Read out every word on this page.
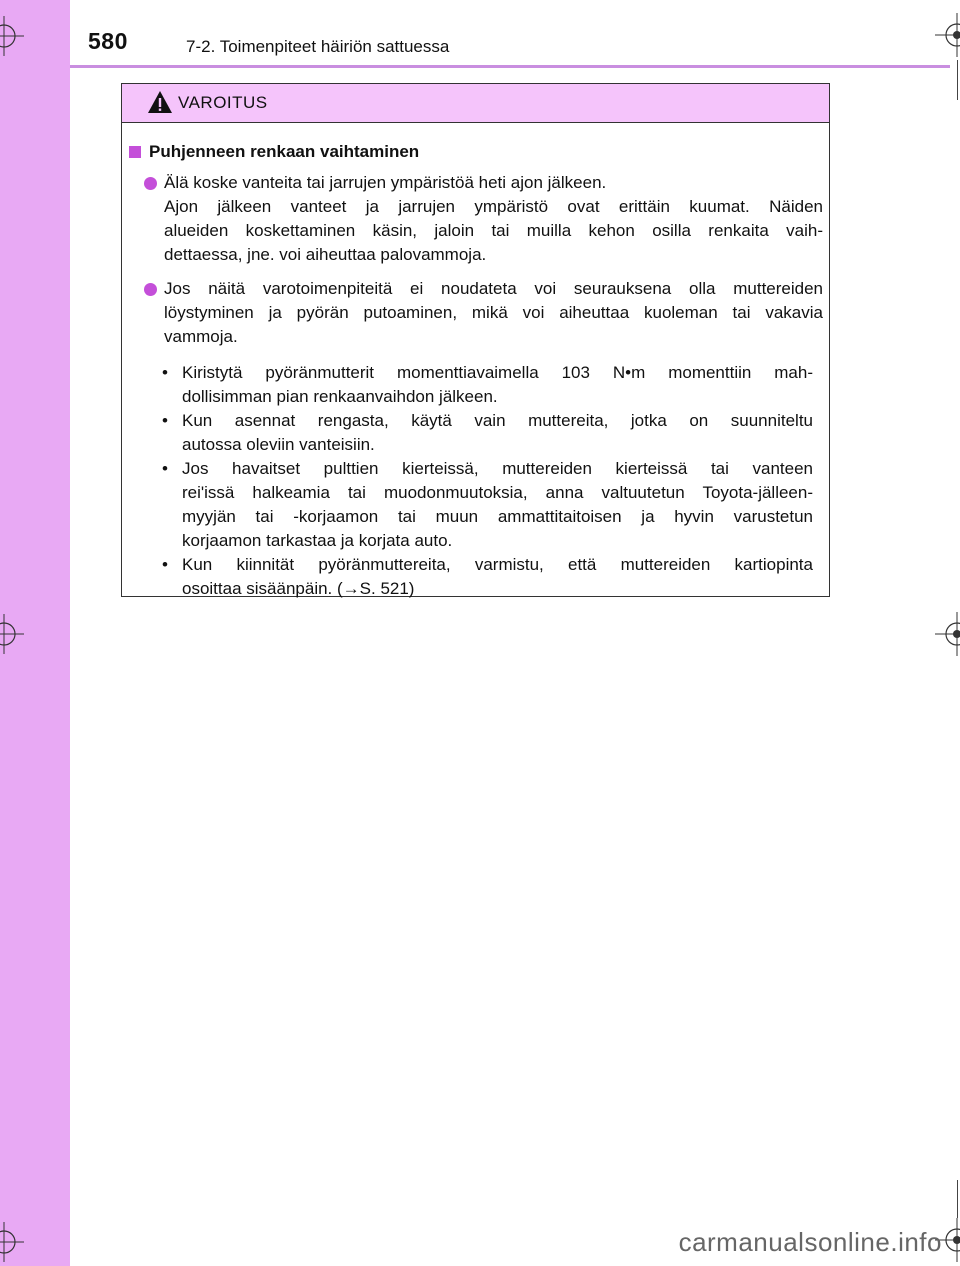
580	7-2. Toimenpiteet häiriön sattuessa
VAROITUS
Puhjenneen renkaan vaihtaminen
Älä koske vanteita tai jarrujen ympäristöä heti ajon jälkeen.
Ajon jälkeen vanteet ja jarrujen ympäristö ovat erittäin kuumat. Näiden
alueiden koskettaminen käsin, jaloin tai muilla kehon osilla renkaita vaih-
dettaessa, jne. voi aiheuttaa palovammoja.
Jos näitä varotoimenpiteitä ei noudateta voi seurauksena olla muttereiden
löystyminen ja pyörän putoaminen, mikä voi aiheuttaa kuoleman tai vakavia
vammoja.
• Kiristytä pyöränmutterit momenttiavaimella 103 N•m momenttiin mah-
dollisimman pian renkaanvaihdon jälkeen.
• Kun asennat rengasta, käytä vain muttereita, jotka on suunniteltu
autossa oleviin vanteisiin.
• Jos havaitset pulttien kierteissä, muttereiden kierteissä tai vanteen
rei'issä halkeamia tai muodonmuutoksia, anna valtuutetun Toyota-jälleen-
myyjän tai -korjaamon tai muun ammattitaitoisen ja hyvin varustetun
korjaamon tarkastaa ja korjata auto.
• Kun kiinnität pyöränmuttereita, varmistu, että muttereiden kartiopinta
osoittaa sisäänpäin. (→S. 521)
carmanualsonline.info
